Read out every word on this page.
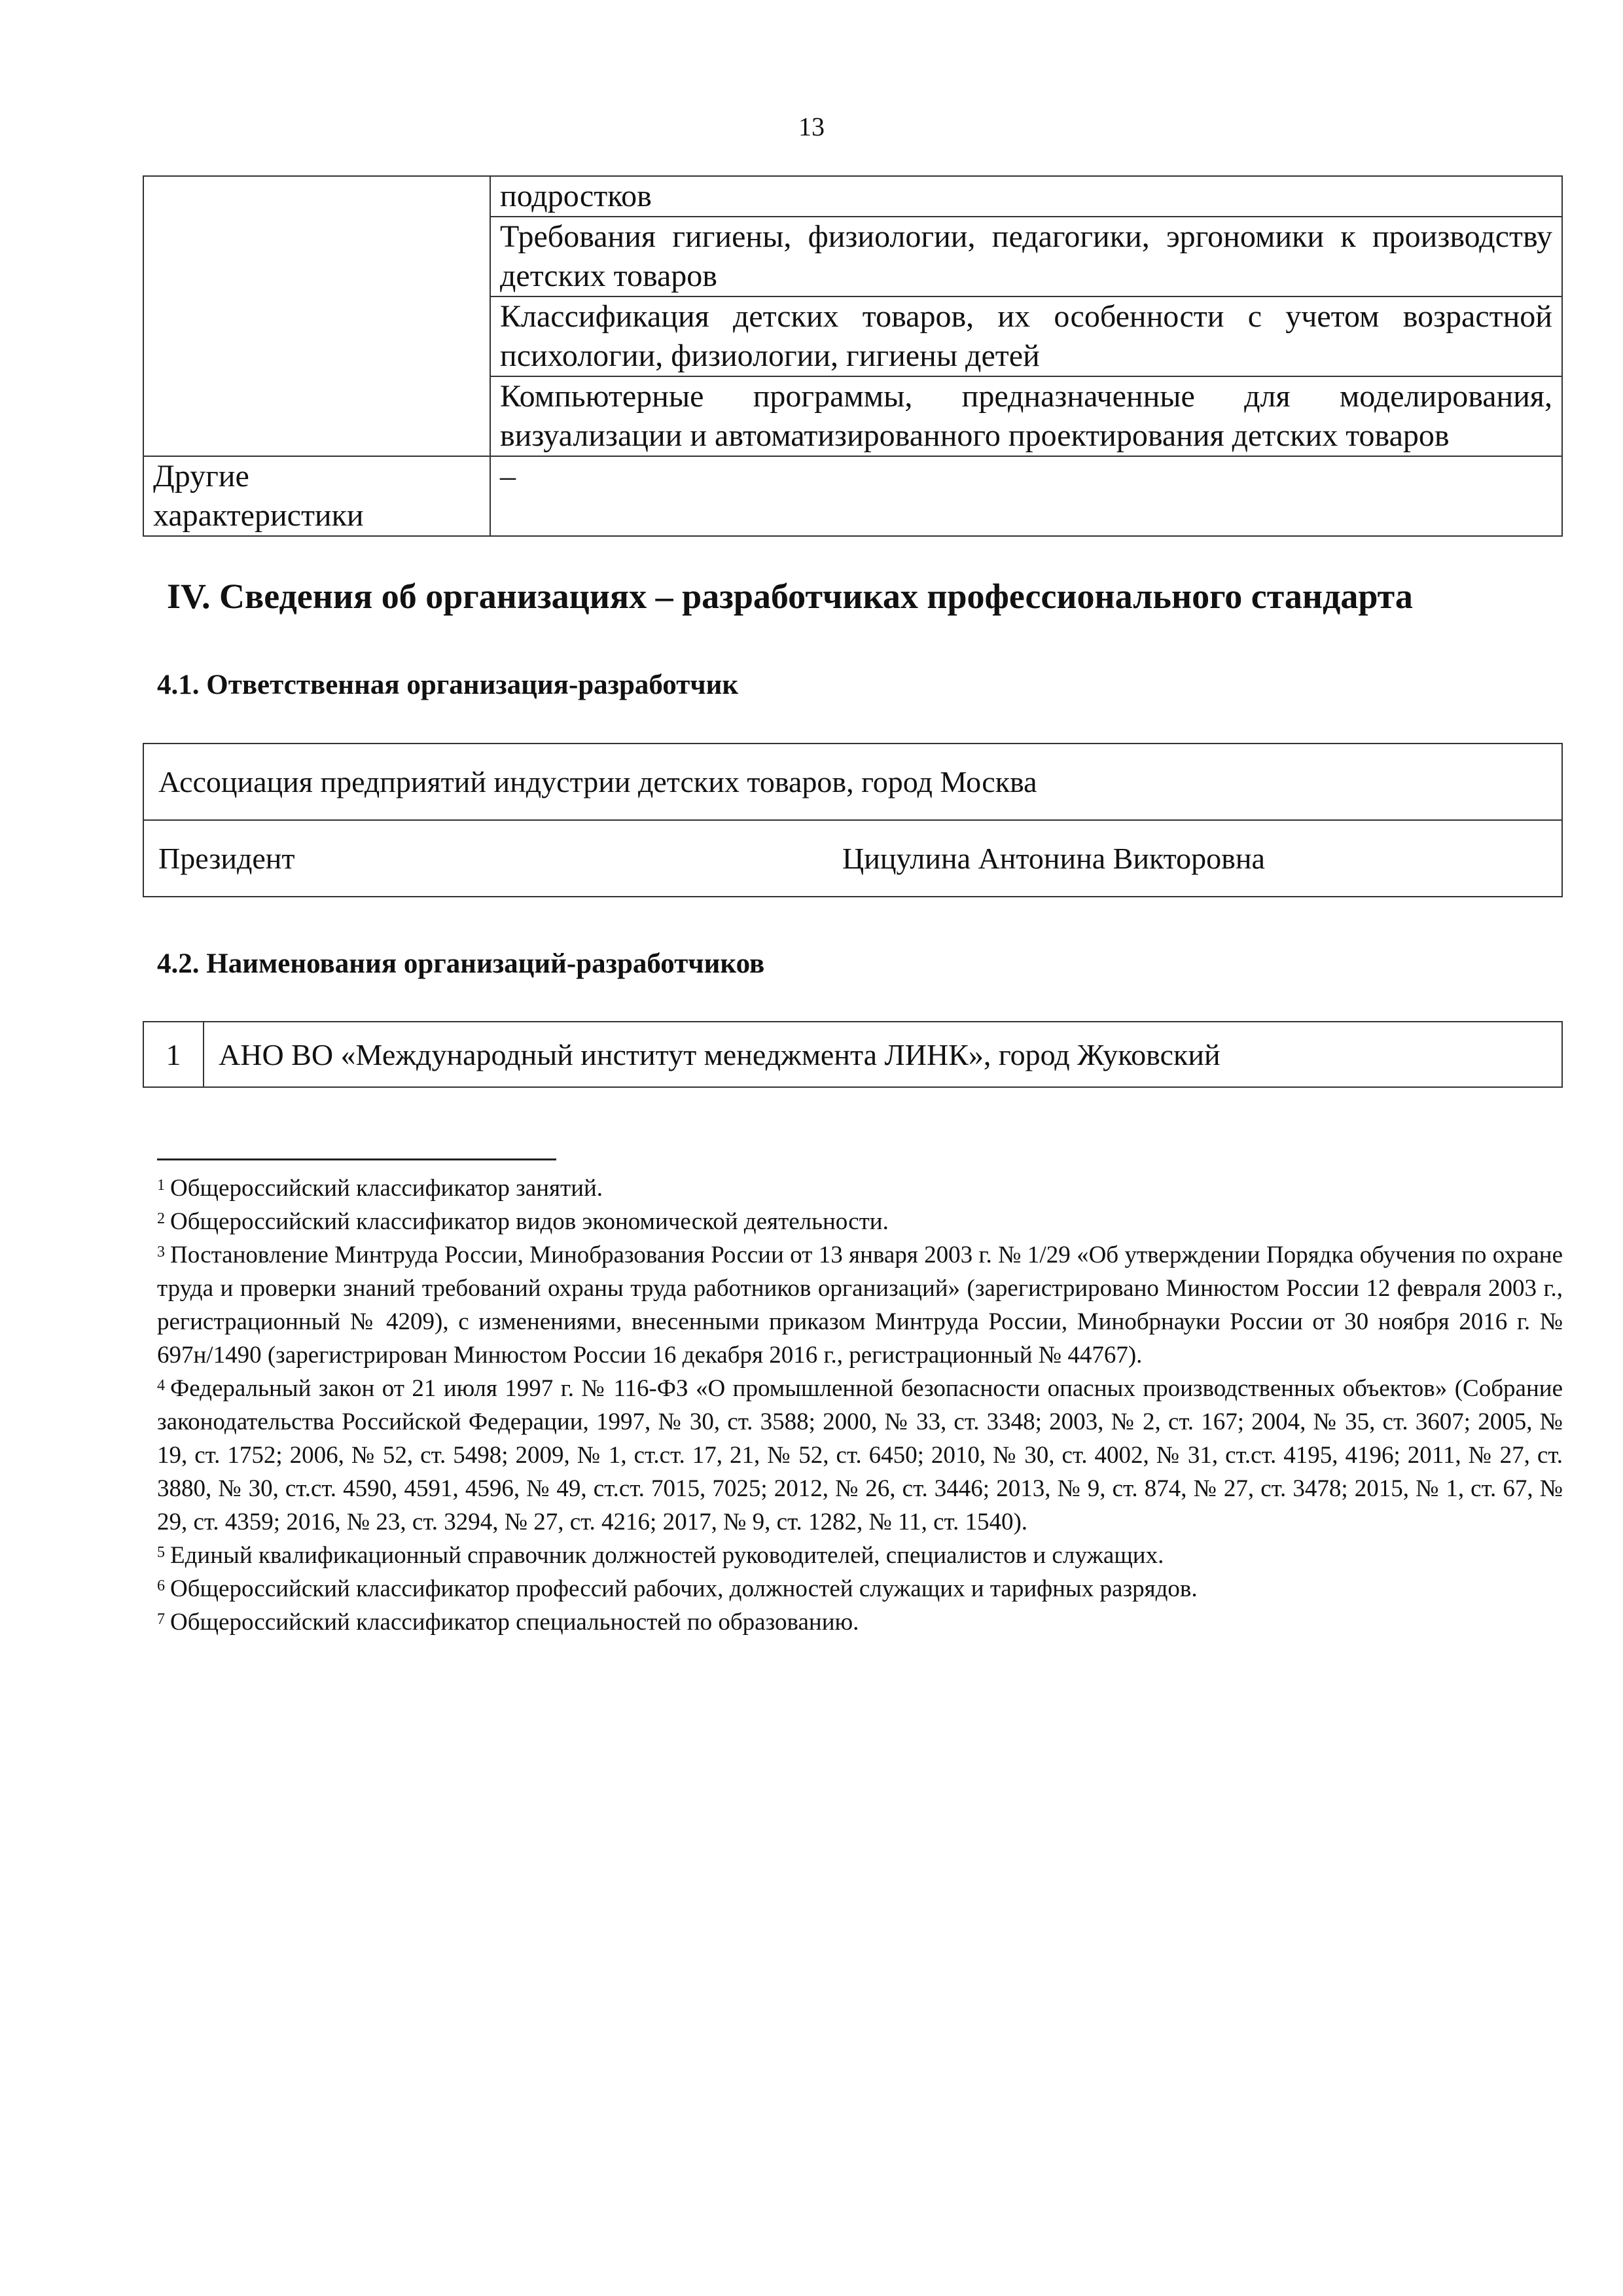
13
	подростков

	Требования гигиены, физиологии, педагогики, эргономики к производству
детских товаров

	Классификация детских товаров, их особенности с учетом возрастной
психологии, физиологии, гигиены детей

	Компьютерные программы, предназначенные для моделирования,
визуализации и автоматизированного проектирования детских товаров

Другие
характеристики	–
IV. Сведения об организациях – разработчиках профессионального стандарта
4.1. Ответственная организация-разработчик
Ассоциация предприятий индустрии детских товаров, город Москва

Президент	Цицулина Антонина Викторовна
4.2. Наименования организаций-разработчиков
1	АНО ВО «Международный институт менеджмента ЛИНК», город Жуковский
$^1$ Общероссийский классификатор занятий.
$^2$ Общероссийский классификатор видов экономической деятельности.
$^3$ Постановление Минтруда России, Минобразования России от 13 января 2003 г. № 1/29 «Об утверждении Порядка обучения по охране труда и проверки знаний требований охраны труда работников организаций» (зарегистрировано Минюстом России 12 февраля 2003 г., регистрационный № 4209), с изменениями, внесенными приказом Минтруда России, Минобрнауки России от 30 ноября 2016 г. № 697н/1490 (зарегистрирован Минюстом России 16 декабря 2016 г., регистрационный № 44767).
$^4$ Федеральный закон от 21 июля 1997 г. № 116-ФЗ «О промышленной безопасности опасных производственных объектов» (Собрание законодательства Российской Федерации, 1997, № 30, ст. 3588; 2000, № 33, ст. 3348; 2003, № 2, ст. 167; 2004, № 35, ст. 3607; 2005, № 19, ст. 1752; 2006, № 52, ст. 5498; 2009, № 1, ст.ст. 17, 21, № 52, ст. 6450; 2010, № 30, ст. 4002, № 31, ст.ст. 4195, 4196; 2011, № 27, ст. 3880, № 30, ст.ст. 4590, 4591, 4596, № 49, ст.ст. 7015, 7025; 2012, № 26, ст. 3446; 2013, № 9, ст. 874, № 27, ст. 3478; 2015, № 1, ст. 67, № 29, ст. 4359; 2016, № 23, ст. 3294, № 27, ст. 4216; 2017, № 9, ст. 1282, № 11, ст. 1540).
$^5$ Единый квалификационный справочник должностей руководителей, специалистов и служащих.
$^6$ Общероссийский классификатор профессий рабочих, должностей служащих и тарифных разрядов.
$^7$ Общероссийский классификатор специальностей по образованию.
